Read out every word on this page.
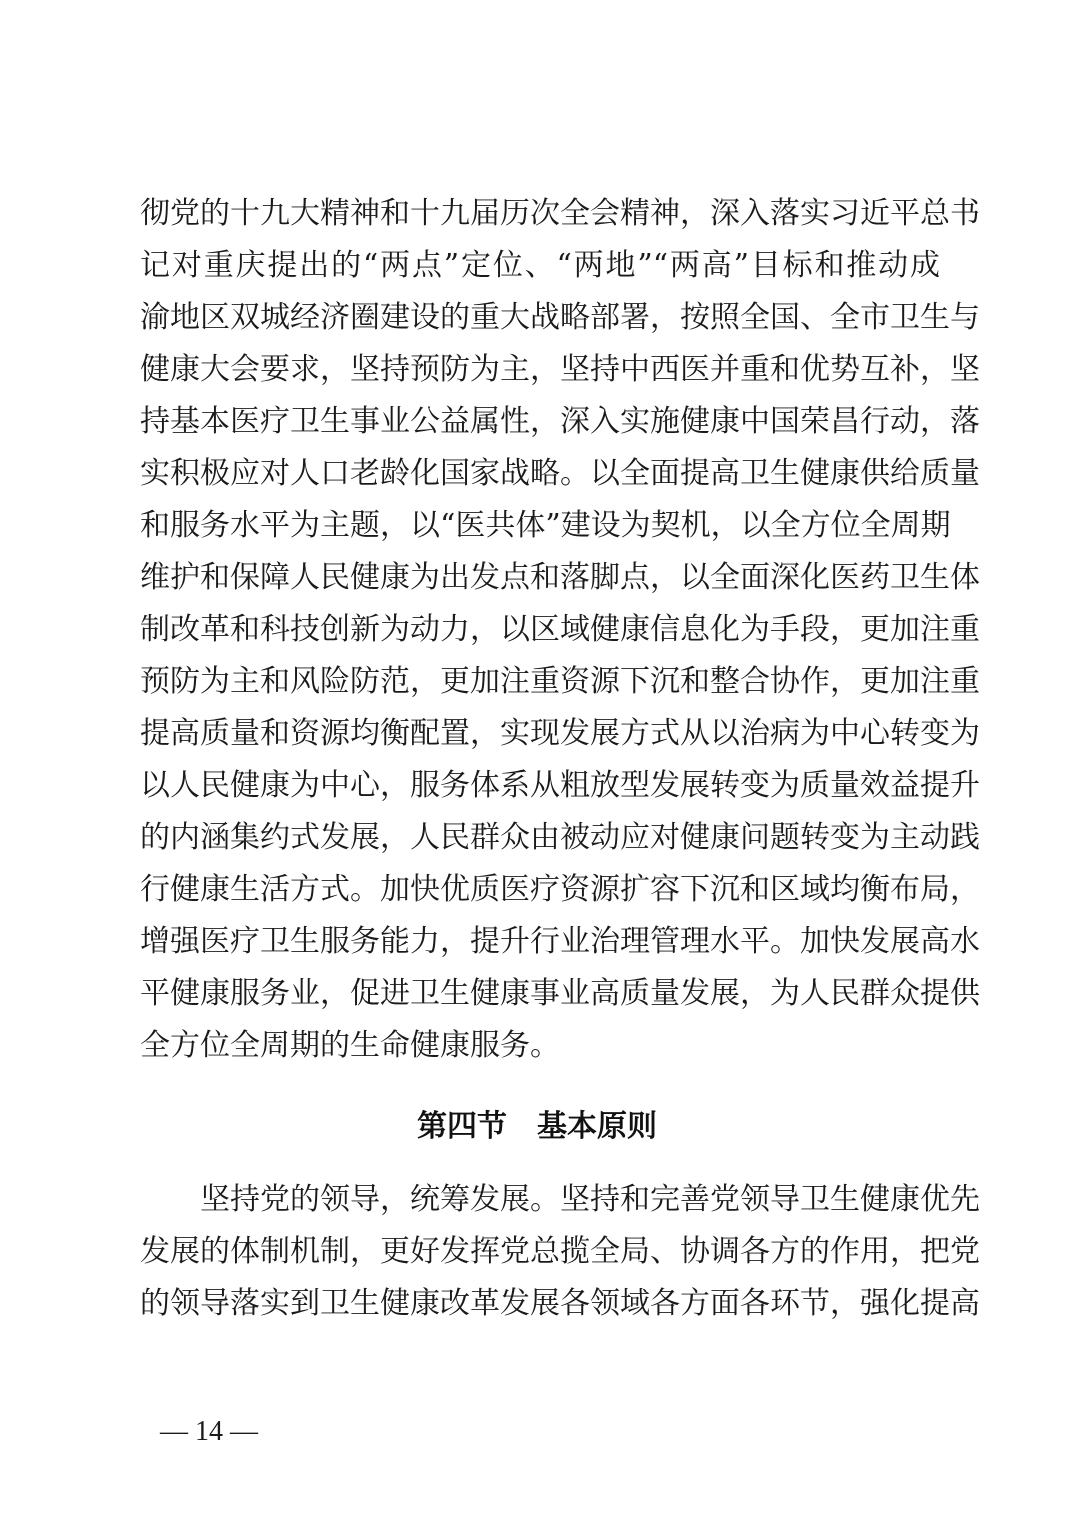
彻党的十九大精神和十九届历次全会精神，深入落实习近平总书
记对重庆提出的“两点”定位、“两地”“两高”目标和推动成
渝地区双城经济圈建设的重大战略部署，按照全国、全市卫生与
健康大会要求，坚持预防为主，坚持中西医并重和优势互补，坚
持基本医疗卫生事业公益属性，深入实施健康中国荣昌行动，落
实积极应对人口老龄化国家战略。以全面提高卫生健康供给质量
和服务水平为主题，以“医共体”建设为契机，以全方位全周期
维护和保障人民健康为出发点和落脚点，以全面深化医药卫生体
制改革和科技创新为动力，以区域健康信息化为手段，更加注重
预防为主和风险防范，更加注重资源下沉和整合协作，更加注重
提高质量和资源均衡配置，实现发展方式从以治病为中心转变为
以人民健康为中心，服务体系从粗放型发展转变为质量效益提升
的内涵集约式发展，人民群众由被动应对健康问题转变为主动践
行健康生活方式。加快优质医疗资源扩容下沉和区域均衡布局，
增强医疗卫生服务能力，提升行业治理管理水平。加快发展高水
平健康服务业，促进卫生健康事业高质量发展，为人民群众提供
全方位全周期的生命健康服务。
第四节　基本原则
　　坚持党的领导，统筹发展。坚持和完善党领导卫生健康优先
发展的体制机制，更好发挥党总揽全局、协调各方的作用，把党
的领导落实到卫生健康改革发展各领域各方面各环节，强化提高
— 14 —
